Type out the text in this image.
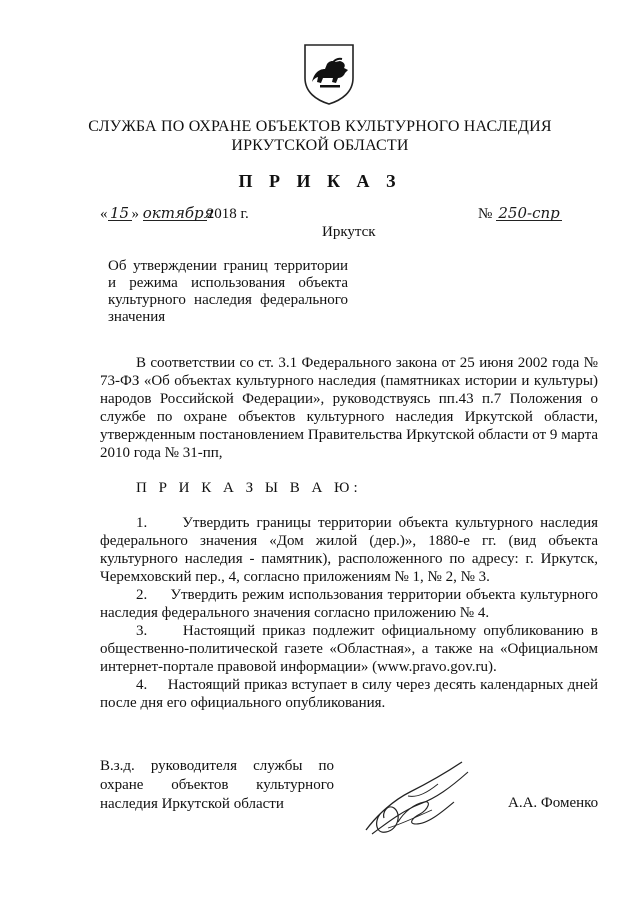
СЛУЖБА ПО ОХРАНЕ ОБЪЕКТОВ КУЛЬТУРНОГО НАСЛЕДИЯ
ИРКУТСКОЙ ОБЛАСТИ
П Р И К А З
« 15 » октября2018 г.	№ 250-спр
Иркутск
Об утверждении границ территории и режима использования объекта культурного наследия федерального значения
В соответствии со ст. 3.1 Федерального закона от 25 июня 2002 года № 73-ФЗ «Об объектах культурного наследия (памятниках истории и культуры) народов Российской Федерации», руководствуясь пп.43 п.7 Положения о службе по охране объектов культурного наследия Иркутской области, утвержденным постановлением Правительства Иркутской области от 9 марта 2010 года № 31-пп,
П Р И К А З Ы В А Ю:

1.     Утвердить границы территории объекта культурного наследия федерального значения «Дом жилой (дер.)», 1880-е гг. (вид объекта культурного наследия - памятник), расположенного по адресу: г. Иркутск, Черемховский пер., 4, согласно приложениям № 1, № 2, № 3.

2.     Утвердить режим использования территории объекта культурного наследия федерального значения согласно приложению № 4.

3.     Настоящий приказ подлежит официальному опубликованию в общественно-политической газете «Областная», а также на «Официальном интернет-портале правовой информации» (www.pravo.gov.ru).

4.     Настоящий приказ вступает в силу через десять календарных дней после дня его официального опубликования.

В.з.д. руководителя службы по
охране объектов культурного
наследия Иркутской области	А.А. Фоменко
